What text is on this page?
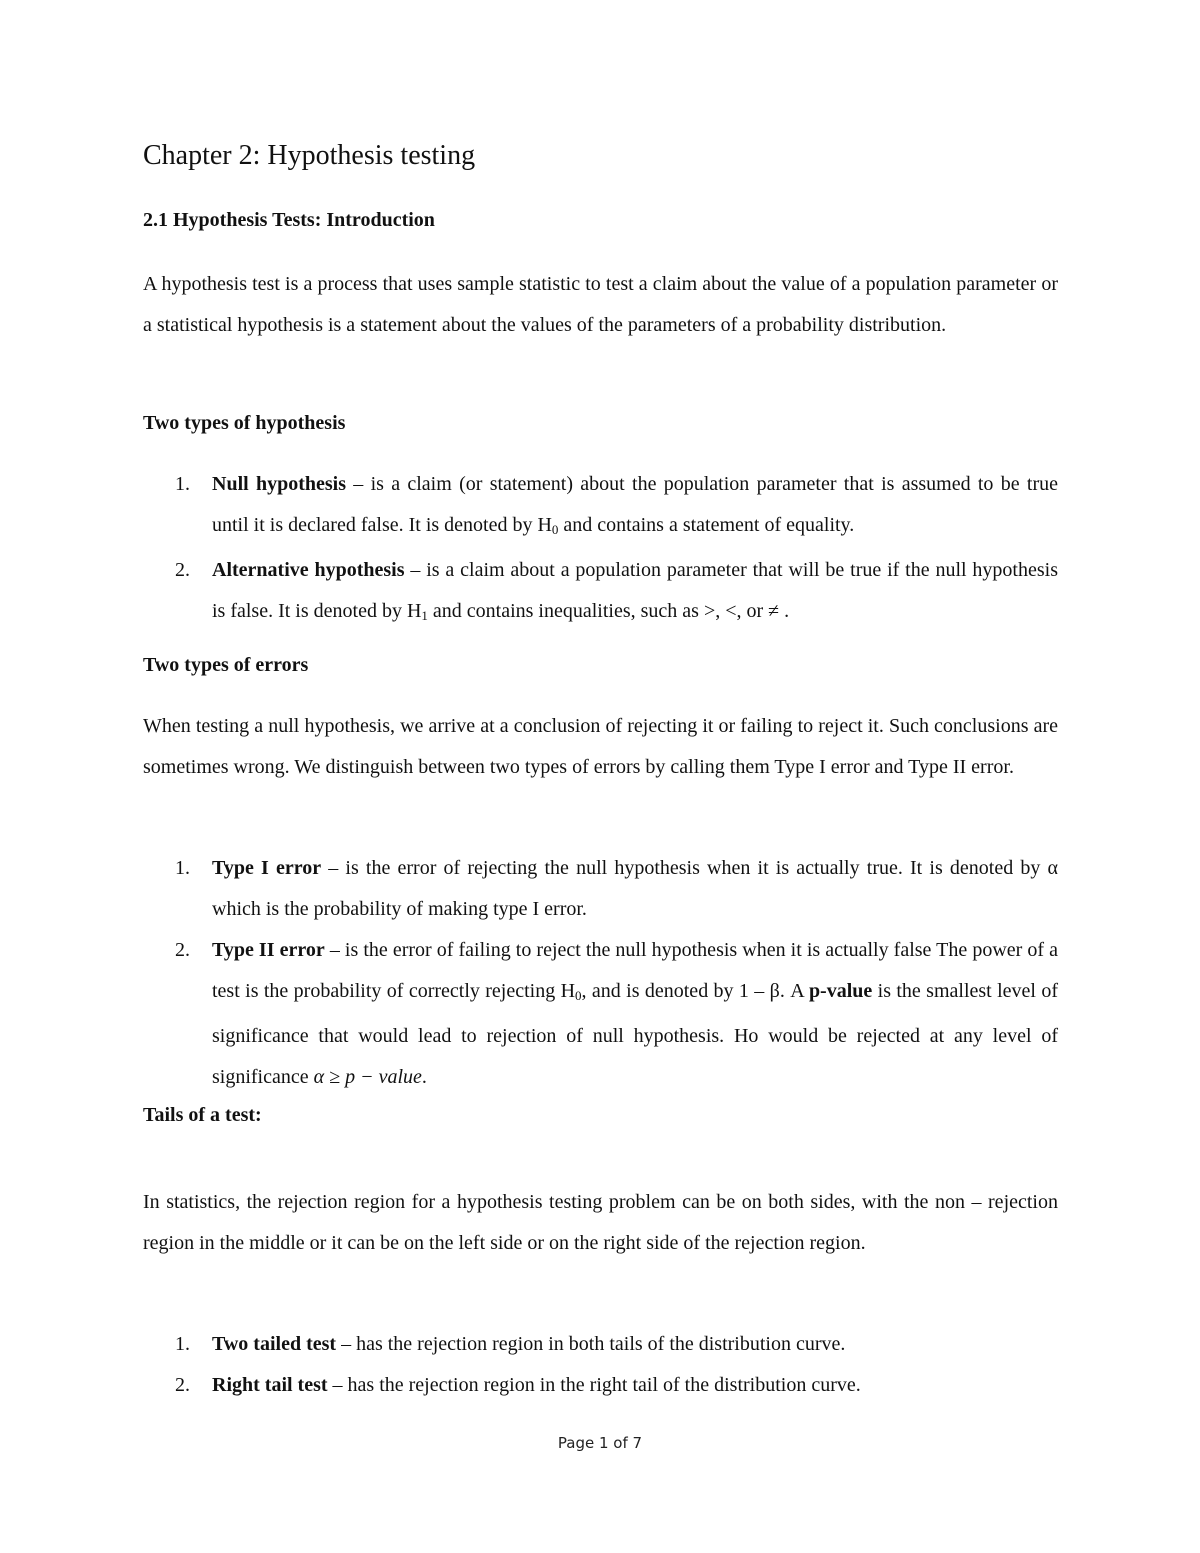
Chapter 2: Hypothesis testing
2.1 Hypothesis Tests: Introduction

A hypothesis test is a process that uses sample statistic to test a claim about the value of a population parameter or a statistical hypothesis is a statement about the values of the parameters of a probability distribution.

Two types of hypothesis
1. Null hypothesis – is a claim (or statement) about the population parameter that is assumed to be true until it is declared false. It is denoted by $H_0$ and contains a statement of equality.
2. Alternative hypothesis – is a claim about a population parameter that will be true if the null hypothesis is false. It is denoted by $H_1$ and contains inequalities, such as >, <, or ≠ .
Two types of errors

When testing a null hypothesis, we arrive at a conclusion of rejecting it or failing to reject it. Such conclusions are sometimes wrong. We distinguish between two types of errors by calling them Type I error and Type II error.

1. Type I error – is the error of rejecting the null hypothesis when it is actually true. It is denoted by α which is the probability of making type I error.
2. Type II error – is the error of failing to reject the null hypothesis when it is actually false The power of a test is the probability of correctly rejecting $H_0$, and is denoted by 1 – β. A p-value is the smallest level of significance that would lead to rejection of null hypothesis. Ho would be rejected at any level of significance α ≥ p − value.
Tails of a test:

In statistics, the rejection region for a hypothesis testing problem can be on both sides, with the non – rejection region in the middle or it can be on the left side or on the right side of the rejection region.

1. Two tailed test – has the rejection region in both tails of the distribution curve.
2. Right tail test – has the rejection region in the right tail of the distribution curve.
Page 1 of 7
